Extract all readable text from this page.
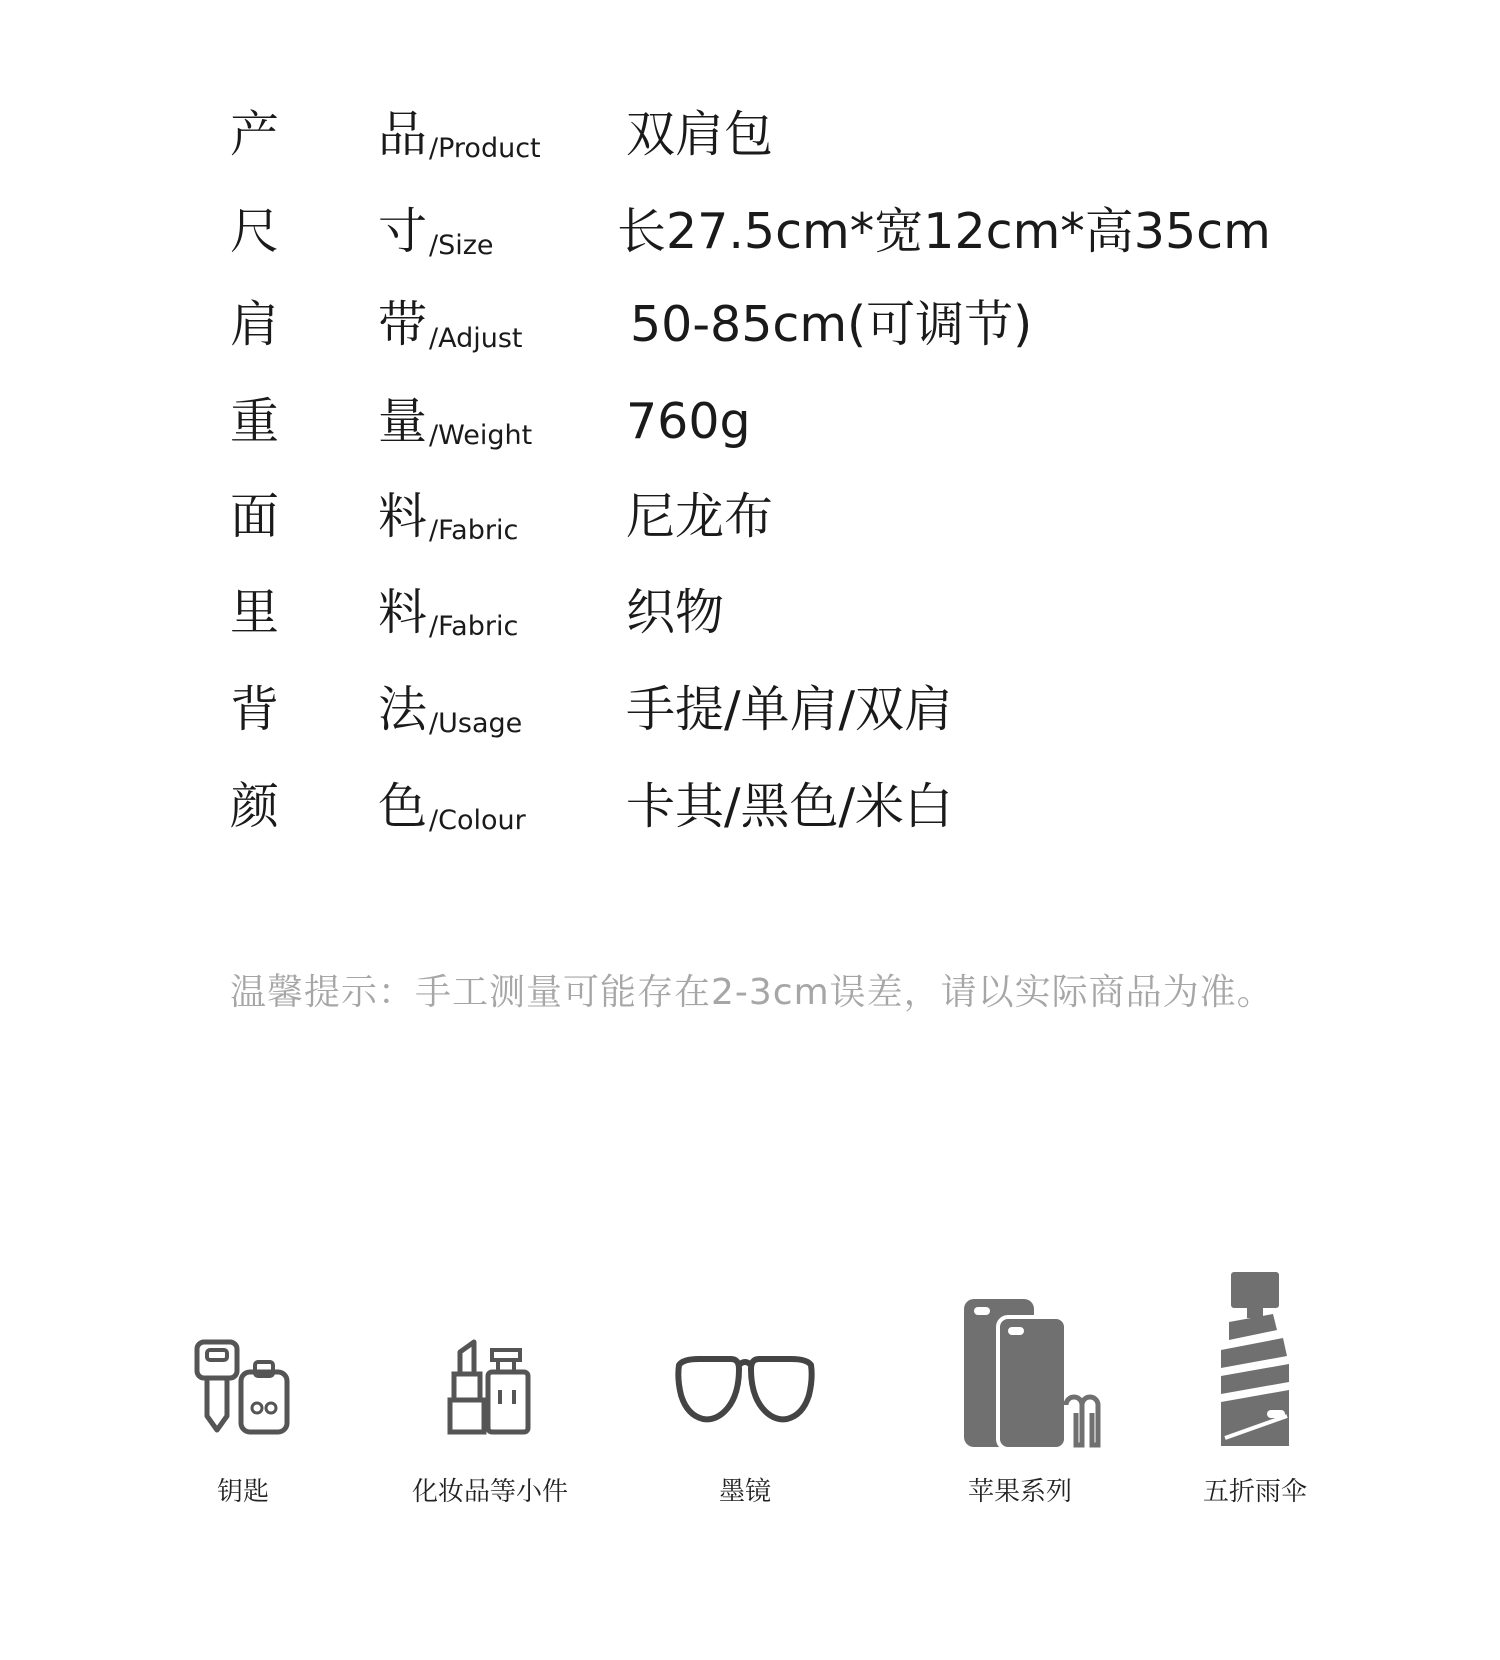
产 品/Product 双肩包
尺 寸/Size	长27.5cm*宽12cm*高35cm
肩 带/Adjust 50-85cm(可调节)
重 量/Weight 760g
面 料/Fabric 尼龙布
里 料/Fabric 织物
背 法/Usage 手提/单肩/双肩
颜 色/Colour 卡其/黑色/米白
温馨提示：手工测量可能存在2-3cm误差，请以实际商品为准。
钥匙	化妆品等小件	墨镜	苹果系列	五折雨伞
